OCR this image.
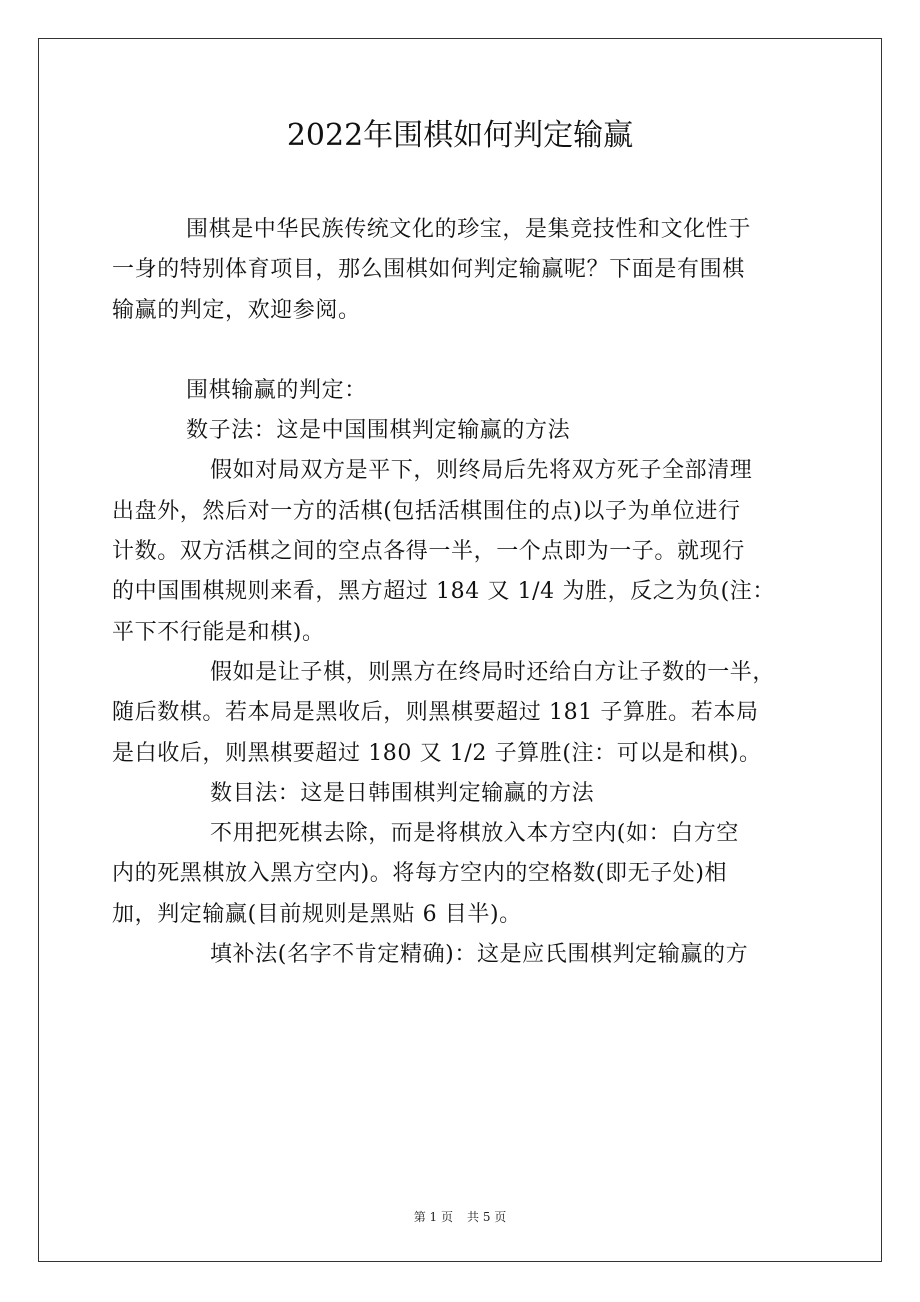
2022年围棋如何判定输赢

围棋是中华民族传统文化的珍宝，是集竞技性和文化性于

一身的特别体育项目，那么围棋如何判定输赢呢？下面是有围棋

输赢的判定，欢迎参阅。

围棋输赢的判定：

数子法：这是中国围棋判定输赢的方法

假如对局双方是平下，则终局后先将双方死子全部清理

出盘外，然后对一方的活棋(包括活棋围住的点)以子为单位进行

计数。双方活棋之间的空点各得一半，一个点即为一子。就现行

的中国围棋规则来看，黑方超过 184 又 1/4 为胜，反之为负(注：

平下不行能是和棋)。

假如是让子棋，则黑方在终局时还给白方让子数的一半，

随后数棋。若本局是黑收后，则黑棋要超过 181 子算胜。若本局

是白收后，则黑棋要超过 180 又 1/2 子算胜(注：可以是和棋)。

数目法：这是日韩围棋判定输赢的方法

不用把死棋去除，而是将棋放入本方空内(如：白方空

内的死黑棋放入黑方空内)。将每方空内的空格数(即无子处)相

加，判定输赢(目前规则是黑贴 6 目半)。

填补法(名字不肯定精确)：这是应氏围棋判定输赢的方

第 1 页 共 5 页
